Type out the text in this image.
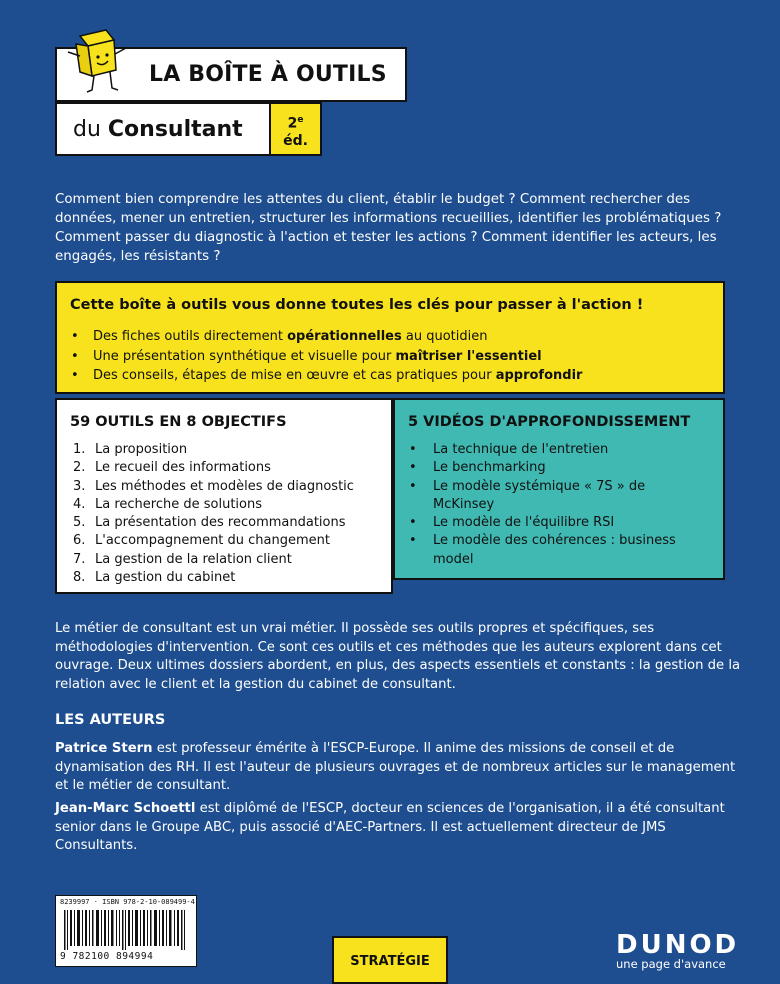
LA BOÎTE À OUTILS
du Consultant	2e
éd.
Comment bien comprendre les attentes du client, établir le budget ? Comment rechercher des données, mener un entretien, structurer les informations recueillies, identifier les problématiques ? Comment passer du diagnostic à l'action et tester les actions ? Comment identifier les acteurs, les engagés, les résistants ?
Cette boîte à outils vous donne toutes les clés pour passer à l'action !
• Des fiches outils directement opérationnelles au quotidien
• Une présentation synthétique et visuelle pour maîtriser l'essentiel
• Des conseils, étapes de mise en œuvre et cas pratiques pour approfondir
59 OUTILS EN 8 OBJECTIFS
1. La proposition
2. Le recueil des informations
3. Les méthodes et modèles de diagnostic
4. La recherche de solutions
5. La présentation des recommandations
6. L'accompagnement du changement
7. La gestion de la relation client
8. La gestion du cabinet
5 VIDÉOS D'APPROFONDISSEMENT
•	La technique de l'entretien
•	Le benchmarking
•	Le modèle systémique « 7S » de McKinsey
•	Le modèle de l'équilibre RSI
•	Le modèle des cohérences : business model
Le métier de consultant est un vrai métier. Il possède ses outils propres et spécifiques, ses méthodologies d'intervention. Ce sont ces outils et ces méthodes que les auteurs explorent dans cet ouvrage. Deux ultimes dossiers abordent, en plus, des aspects essentiels et constants : la gestion de la relation avec le client et la gestion du cabinet de consultant.
LES AUTEURS
Patrice Stern est professeur émérite à l'ESCP-Europe. Il anime des missions de conseil et de dynamisation des RH. Il est l'auteur de plusieurs ouvrages et de nombreux articles sur le management et le métier de consultant.
Jean-Marc Schoettl est diplômé de l'ESCP, docteur en sciences de l'organisation, il a été consultant senior dans le Groupe ABC, puis associé d'AEC-Partners. Il est actuellement directeur de JMS Consultants.
8239997 · ISBN 978-2-10-089499-4
9 782100 894994	STRATÉGIE
DUNOD
une page d'avance
